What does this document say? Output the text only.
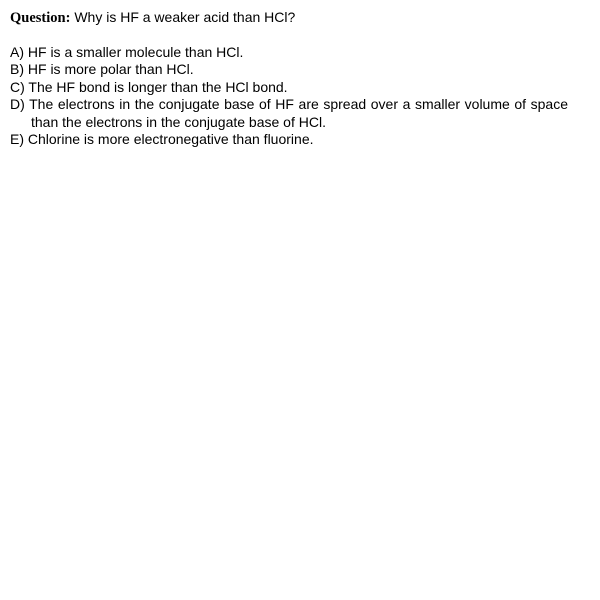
Question: Why is HF a weaker acid than HCl?
A) HF is a smaller molecule than HCl.
B) HF is more polar than HCl.
C) The HF bond is longer than the HCl bond.
D) The electrons in the conjugate base of HF are spread over a smaller volume of space than the electrons in the conjugate base of HCl.
E) Chlorine is more electronegative than fluorine.
